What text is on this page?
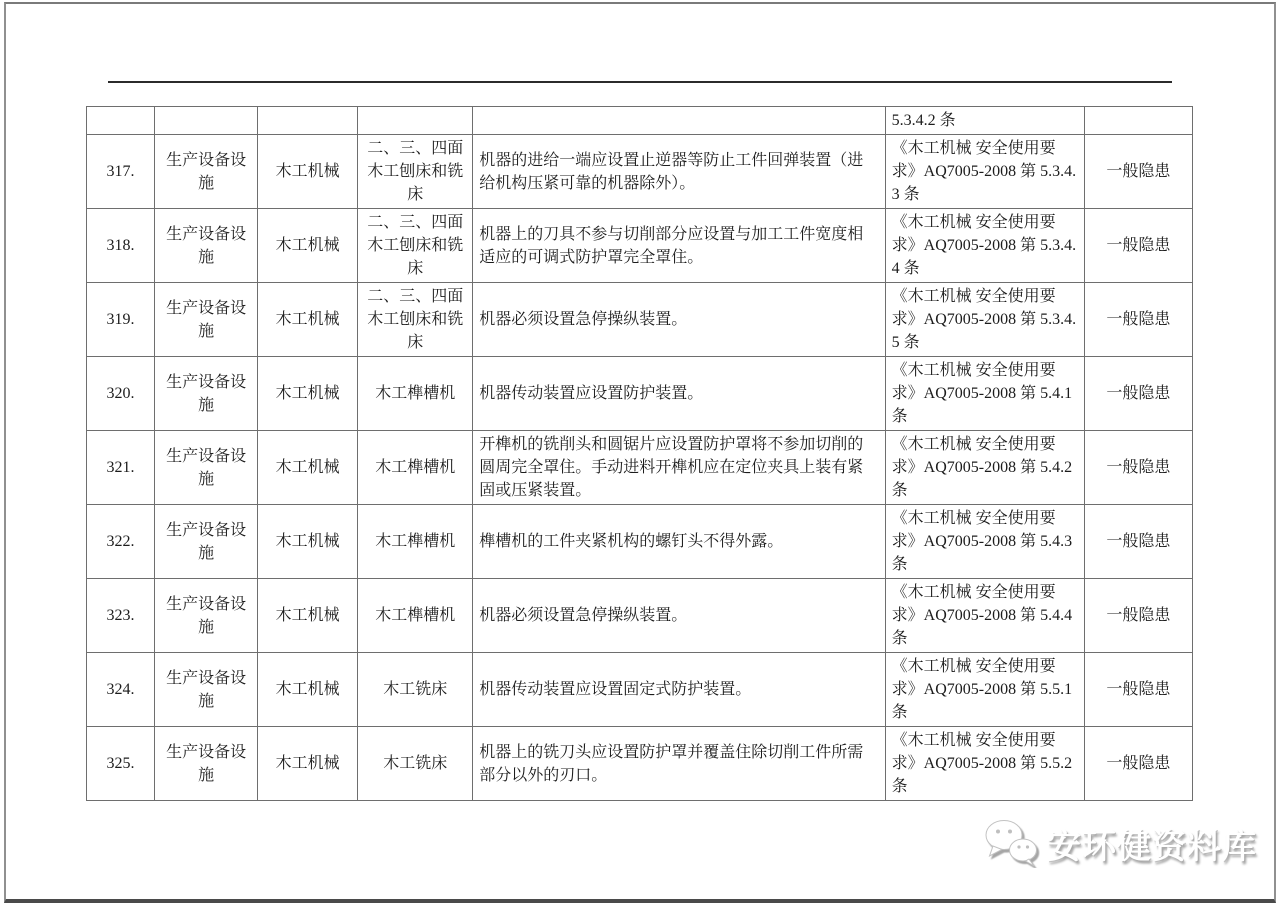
					5.3.4.2 条	
317.	生产设备设施	木工机械	二、三、四面木工刨床和铣床	机器的进给一端应设置止逆器等防止工件回弹装置（进给机构压紧可靠的机器除外）。	《木工机械 安全使用要求》AQ7005-2008 第 5.3.4.3 条	一般隐患
318.	生产设备设施	木工机械	二、三、四面木工刨床和铣床	机器上的刀具不参与切削部分应设置与加工工件宽度相适应的可调式防护罩完全罩住。	《木工机械 安全使用要求》AQ7005-2008 第 5.3.4.4 条	一般隐患
319.	生产设备设施	木工机械	二、三、四面木工刨床和铣床	机器必须设置急停操纵装置。	《木工机械 安全使用要求》AQ7005-2008 第 5.3.4.5 条	一般隐患
320.	生产设备设施	木工机械	木工榫槽机	机器传动装置应设置防护装置。	《木工机械 安全使用要求》AQ7005-2008 第 5.4.1 条	一般隐患
321.	生产设备设施	木工机械	木工榫槽机	开榫机的铣削头和圆锯片应设置防护罩将不参加切削的圆周完全罩住。手动进料开榫机应在定位夹具上装有紧固或压紧装置。	《木工机械 安全使用要求》AQ7005-2008 第 5.4.2 条	一般隐患
322.	生产设备设施	木工机械	木工榫槽机	榫槽机的工件夹紧机构的螺钉头不得外露。	《木工机械 安全使用要求》AQ7005-2008 第 5.4.3 条	一般隐患
323.	生产设备设施	木工机械	木工榫槽机	机器必须设置急停操纵装置。	《木工机械 安全使用要求》AQ7005-2008 第 5.4.4 条	一般隐患
324.	生产设备设施	木工机械	木工铣床	机器传动装置应设置固定式防护装置。	《木工机械 安全使用要求》AQ7005-2008 第 5.5.1 条	一般隐患
325.	生产设备设施	木工机械	木工铣床	机器上的铣刀头应设置防护罩并覆盖住除切削工件所需部分以外的刃口。	《木工机械 安全使用要求》AQ7005-2008 第 5.5.2 条	一般隐患
安环健资料库
